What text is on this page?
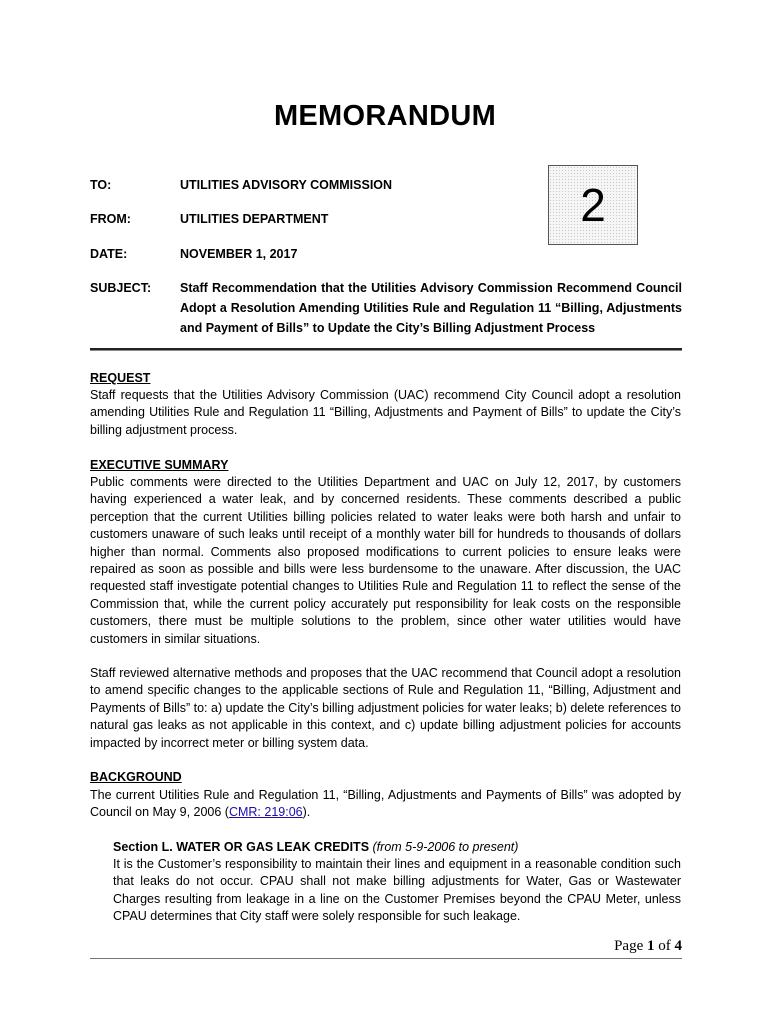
MEMORANDUM
2
TO:	UTILITIES ADVISORY COMMISSION
FROM:	UTILITIES DEPARTMENT
DATE:	NOVEMBER 1, 2017
SUBJECT: Staff Recommendation that the Utilities Advisory Commission Recommend Council Adopt a Resolution Amending Utilities Rule and Regulation 11 “Billing, Adjustments and Payment of Bills” to Update the City’s Billing Adjustment Process
REQUEST
Staff requests that the Utilities Advisory Commission (UAC) recommend City Council adopt a resolution amending Utilities Rule and Regulation 11 “Billing, Adjustments and Payment of Bills” to update the City’s billing adjustment process.
EXECUTIVE SUMMARY
Public comments were directed to the Utilities Department and UAC on July 12, 2017, by customers having experienced a water leak, and by concerned residents. These comments described a public perception that the current Utilities billing policies related to water leaks were both harsh and unfair to customers unaware of such leaks until receipt of a monthly water bill for hundreds to thousands of dollars higher than normal. Comments also proposed modifications to current policies to ensure leaks were repaired as soon as possible and bills were less burdensome to the unaware. After discussion, the UAC requested staff investigate potential changes to Utilities Rule and Regulation 11 to reflect the sense of the Commission that, while the current policy accurately put responsibility for leak costs on the responsible customers, there must be multiple solutions to the problem, since other water utilities would have customers in similar situations.
Staff reviewed alternative methods and proposes that the UAC recommend that Council adopt a resolution to amend specific changes to the applicable sections of Rule and Regulation 11, “Billing, Adjustment and Payments of Bills” to: a) update the City’s billing adjustment policies for water leaks; b) delete references to natural gas leaks as not applicable in this context, and c) update billing adjustment policies for accounts impacted by incorrect meter or billing system data.
BACKGROUND
The current Utilities Rule and Regulation 11, “Billing, Adjustments and Payments of Bills” was adopted by Council on May 9, 2006 (CMR: 219:06).
Section L. WATER OR GAS LEAK CREDITS (from 5-9-2006 to present)
It is the Customer’s responsibility to maintain their lines and equipment in a reasonable condition such that leaks do not occur. CPAU shall not make billing adjustments for Water, Gas or Wastewater Charges resulting from leakage in a line on the Customer Premises beyond the CPAU Meter, unless CPAU determines that City staff were solely responsible for such leakage.
Page 1 of 4
